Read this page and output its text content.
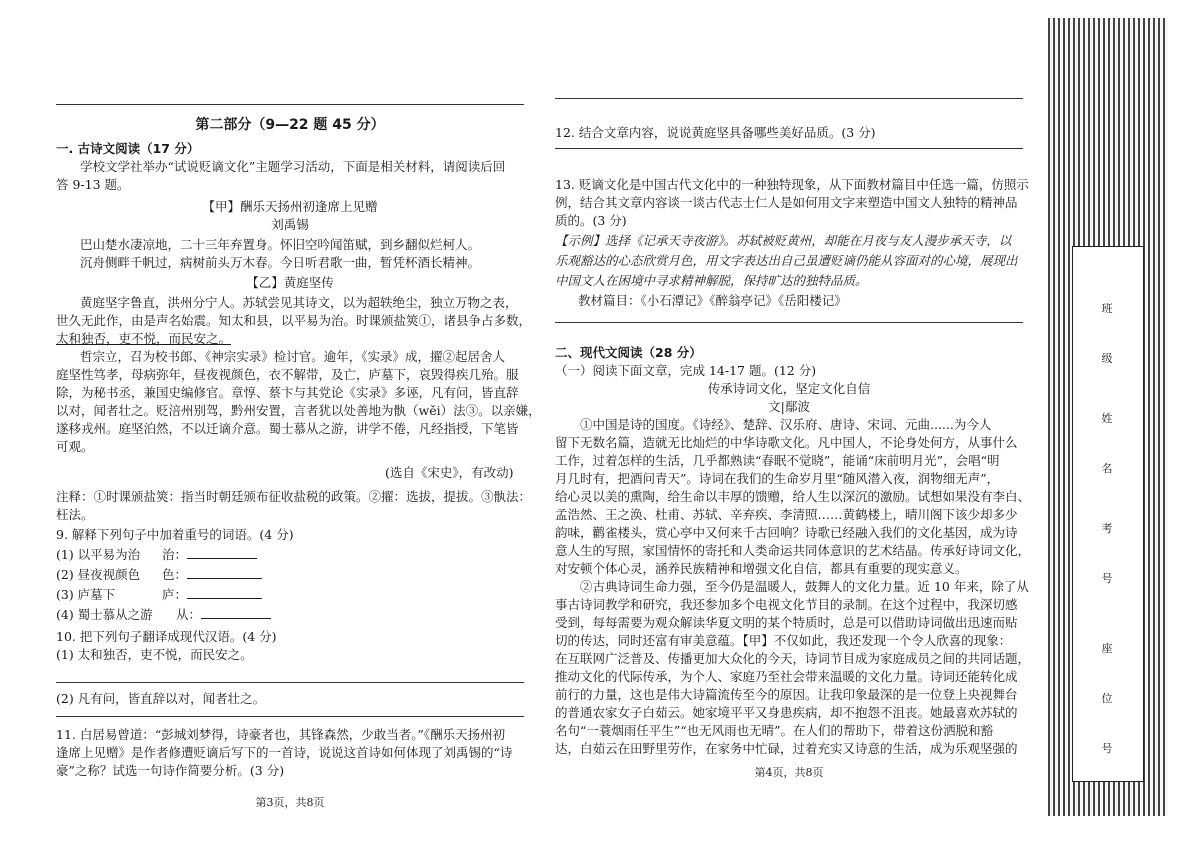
第二部分（9—22 题 45 分）
一. 古诗文阅读（17 分）
学校文学社举办“试说贬谪文化”主题学习活动，下面是相关材料，请阅读后回
答 9-13 题。
【甲】酬乐天扬州初逢席上见赠
刘禹锡
巴山楚水凄凉地，二十三年弃置身。怀旧空吟闻笛赋，到乡翻似烂柯人。
沉舟侧畔千帆过，病树前头万木春。今日听君歌一曲，暂凭杯酒长精神。
【乙】黄庭坚传
黄庭坚字鲁直，洪州分宁人。苏轼尝见其诗文，以为超轶绝尘，独立万物之表，
世久无此作，由是声名始震。知太和县，以平易为治。时课颁盐筴①，诸县争占多数，
太和独否，吏不悦，而民安之。
哲宗立，召为校书郎、《神宗实录》检讨官。逾年，《实录》成，擢②起居舍人
庭坚性笃孝，母病弥年，昼夜视颜色，衣不解带，及亡，庐墓下，哀毁得疾几殆。服
除，为秘书丞，兼国史编修官。章惇、蔡卞与其党论《实录》多诬，凡有问，皆直辞
以对，闻者壮之。贬涪州别驾，黔州安置，言者犹以处善地为骫（wěi）法③。以亲嫌，
遂移戎州。庭坚泊然，不以迁谪介意。蜀士慕从之游，讲学不倦，凡经指授，下笔皆
可观。
(选自《宋史》，有改动)
注释：①时课颁盐筴：指当时朝廷颁布征收盐税的政策。②擢：选拔，提拔。③骫法：
枉法。
9. 解释下列句子中加着重号的词语。(4 分)
(1) 以平易为治 治：
(2) 昼夜视颜色 色：
(3) 庐墓下	庐：
(4) 蜀士慕从之游 从：
10. 把下列句子翻译成现代汉语。(4 分)
(1) 太和独否，吏不悦，而民安之。
(2) 凡有问，皆直辞以对，闻者壮之。
11. 白居易曾道：“彭城刘梦得，诗豪者也，其锋森然，少敢当者。”《酬乐天扬州初
逢席上见赠》是作者修遭贬谪后写下的一首诗，说说这首诗如何体现了刘禹锡的“诗
豪”之称？试选一句诗作简要分析。(3 分)
第3页，共8页
12. 结合文章内容，说说黄庭坚具备哪些美好品质。(3 分)
13. 贬谪文化是中国古代文化中的一种独特现象，从下面教材篇目中任选一篇，仿照示
例，结合其文章内容谈一谈古代志士仁人是如何用文字来塑造中国文人独特的精神品
质的。(3 分)
【示例】选择《记承天寺夜游》。苏轼被贬黄州，却能在月夜与友人漫步承天寺，以
乐观豁达的心态欣赏月色，用文字表达出自己虽遭贬谪仍能从容面对的心境，展现出
中国文人在困境中寻求精神解脱，保持旷达的独特品质。
教材篇目：《小石潭记》《醉翁亭记》《岳阳楼记》
二、现代文阅读（28 分）
（一）阅读下面文章，完成 14-17 题。(12 分)
传承诗词文化，坚定文化自信
文|鄢波
①中国是诗的国度。《诗经》、楚辞、汉乐府、唐诗、宋词、元曲......为今人
留下无数名篇，造就无比灿烂的中华诗歌文化。凡中国人，不论身处何方，从事什么
工作，过着怎样的生活，几乎都熟读“春眠不觉晓”，能诵“床前明月光”，会唱“明
月几时有，把酒问青天”。诗词在我们的生命岁月里“随风潜入夜，润物细无声”，
给心灵以美的熏陶，给生命以丰厚的馈赠，给人生以深沉的激励。试想如果没有李白、
孟浩然、王之涣、杜甫、苏轼、辛弃疾、李清照……黄鹤楼上，晴川阁下该少却多少
韵味，鹳雀楼头，赏心亭中又何来千古回响？诗歌已经融入我们的文化基因，成为诗
意人生的写照，家国情怀的寄托和人类命运共同体意识的艺术结晶。传承好诗词文化，
对安顿个体心灵，涵养民族精神和增强文化自信，都具有重要的现实意义。
②古典诗词生命力强，至今仍是温暖人，鼓舞人的文化力量。近 10 年来，除了从
事古诗词教学和研究，我还参加多个电视文化节目的录制。在这个过程中，我深切感
受到，每每需要为观众解读华夏文明的某个特质时，总是可以借助诗词做出迅速而贴
切的传达，同时还富有审美意蕴。【甲】不仅如此，我还发现一个令人欣喜的现象：
在互联网广泛普及、传播更加大众化的今天，诗词节目成为家庭成员之间的共同话题，
推动文化的代际传承，为个人、家庭乃至社会带来温暖的文化力量。诗词还能转化成
前行的力量，这也是伟大诗篇流传至今的原因。让我印象最深的是一位登上央视舞台
的普通农家女子白茹云。她家境平平又身患疾病，却不抱怨不沮丧。她最喜欢苏轼的
名句“一蓑烟雨任平生”“也无风雨也无晴”。在人们的帮助下，带着这份洒脱和豁
达，白茹云在田野里劳作，在家务中忙碌，过着充实又诗意的生活，成为乐观坚强的
第4页，共8页
班
级
姓
名
考
号
座
位
号
